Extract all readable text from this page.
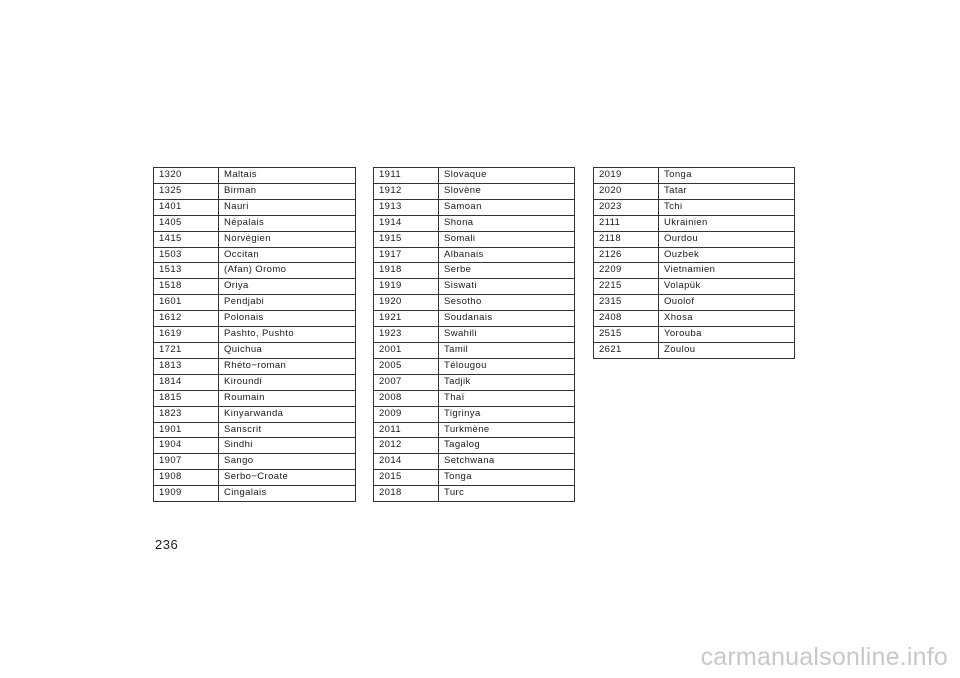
1320	Maltais
1325	Birman
1401	Nauri
1405	Népalais
1415	Norvégien
1503	Occitan
1513	(Afan) Oromo
1518	Oriya
1601	Pendjabi
1612	Polonais
1619	Pashto, Pushto
1721	Quichua
1813	Rhéto−roman
1814	Kiroundi
1815	Roumain
1823	Kinyarwanda
1901	Sanscrit
1904	Sindhi
1907	Sango
1908	Serbo−Croate
1909	Cingalais
1911	Slovaque
1912	Slovène
1913	Samoan
1914	Shona
1915	Somali
1917	Albanais
1918	Serbe
1919	Siswati
1920	Sesotho
1921	Soudanais
1923	Swahili
2001	Tamil
2005	Télougou
2007	Tadjik
2008	Thaï
2009	Tigrinya
2011	Turkmène
2012	Tagalog
2014	Setchwana
2015	Tonga
2018	Turc
2019	Tonga
2020	Tatar
2023	Tchi
2111	Ukrainien
2118	Ourdou
2126	Ouzbek
2209	Vietnamien
2215	Volapük
2315	Ouolof
2408	Xhosa
2515	Yorouba
2621	Zoulou
236
carmanualsonline.info
